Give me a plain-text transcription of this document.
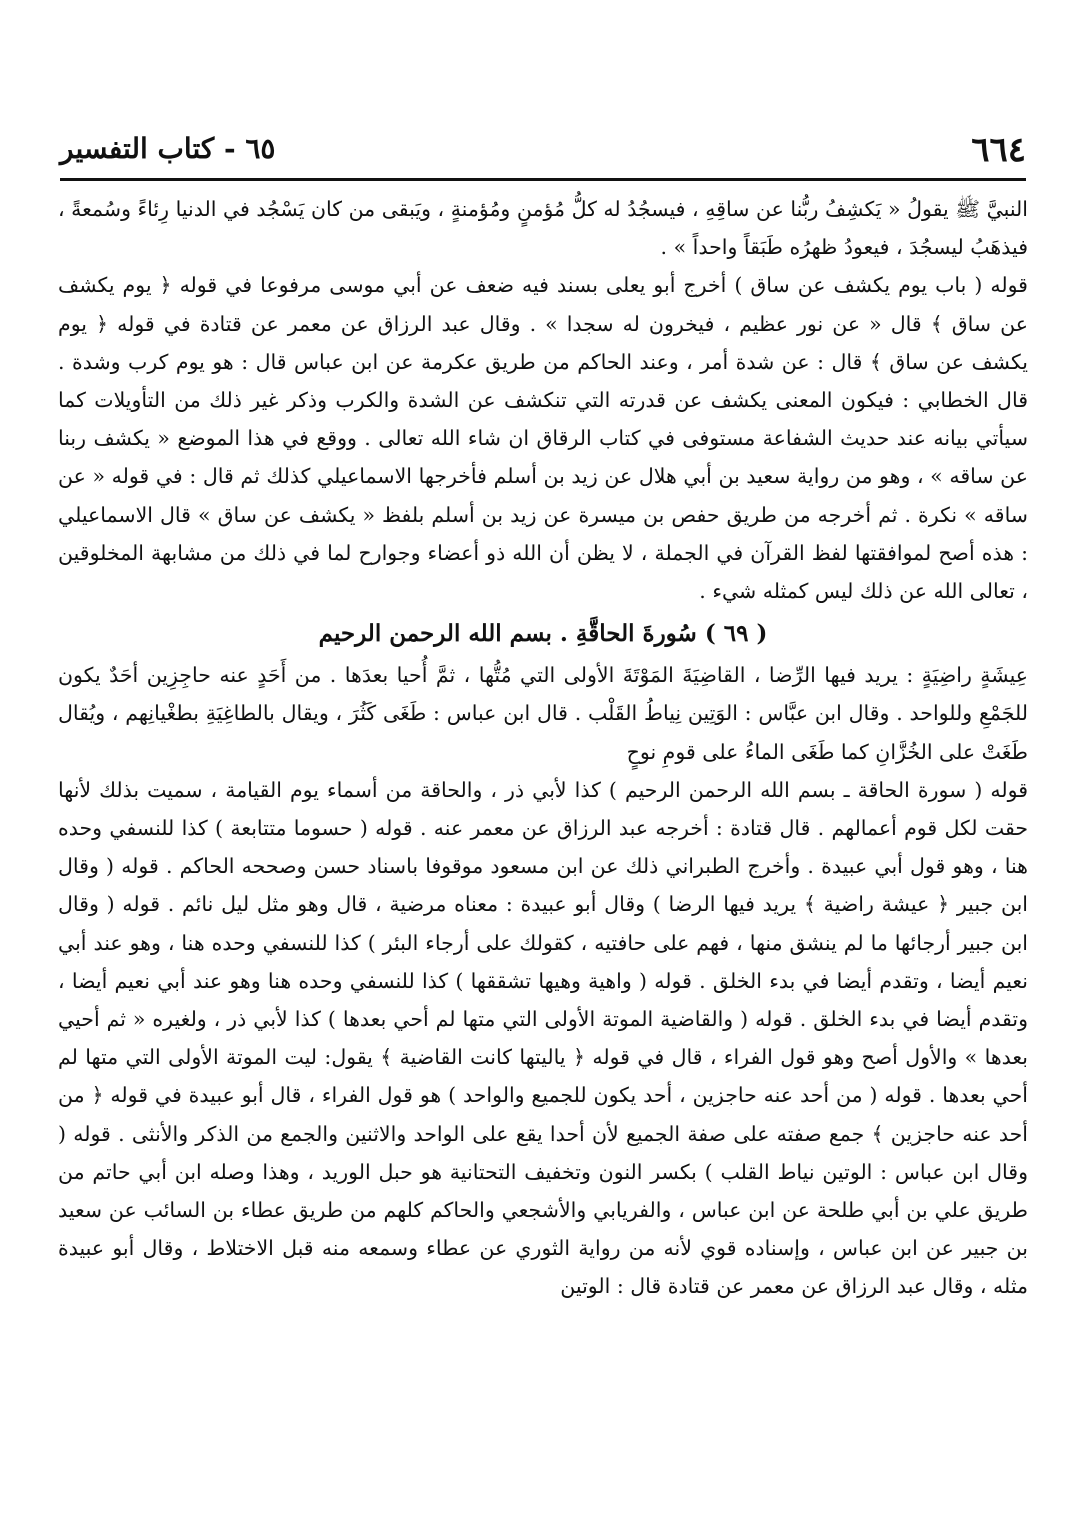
٦٦٤
٦٥ - كتاب التفسير

النبيَّ ﷺ يقولُ « يَكشِفُ ربُّنا عن ساقِهِ ، فيسجُدُ له كلُّ مُؤمنٍ ومُؤمنةٍ ، ويَبقى من كان يَسْجُد في الدنيا رِئاءً وسُمعةً ، فيذهَبُ ليسجُدَ ، فيعودُ ظهرُه طَبَقاً واحداً » .

قوله ( باب يوم يكشف عن ساق ) أخرج أبو يعلى بسند فيه ضعف عن أبي موسى مرفوعا في قوله ﴿ يوم يكشف عن ساق ﴾ قال « عن نور عظيم ، فيخرون له سجدا » . وقال عبد الرزاق عن معمر عن قتادة في قوله ﴿ يوم يكشف عن ساق ﴾ قال : عن شدة أمر ، وعند الحاكم من طريق عكرمة عن ابن عباس قال : هو يوم كرب وشدة . قال الخطابي : فيكون المعنى يكشف عن قدرته التي تنكشف عن الشدة والكرب وذكر غير ذلك من التأويلات كما سيأتي بيانه عند حديث الشفاعة مستوفى في كتاب الرقاق ان شاء الله تعالى . ووقع في هذا الموضع « يكشف ربنا عن ساقه » ، وهو من رواية سعيد بن أبي هلال عن زيد بن أسلم فأخرجها الاسماعيلي كذلك ثم قال : في قوله « عن ساقه » نكرة . ثم أخرجه من طريق حفص بن ميسرة عن زيد بن أسلم بلفظ « يكشف عن ساق » قال الاسماعيلي : هذه أصح لموافقتها لفظ القرآن في الجملة ، لا يظن أن الله ذو أعضاء وجوارح لما في ذلك من مشابهة المخلوقين ، تعالى الله عن ذلك ليس كمثله شيء .

( ٦٩ ) سُورةَ الحاقَّةِ . بسم الله الرحمن الرحيم

عِيشَةٍ راضِيَةٍ : يريد فيها الرِّضا ، القاضِيَةَ المَوْتَةَ الأولى التي مُتُّها ، ثمَّ أُحيا بعدَها . من أَحَدٍ عنه حاجِزِين أحَدٌ يكون للجَمْعِ وللواحد . وقال ابن عبَّاس : الوَتِين نِياطُ القَلْب . قال ابن عباس : طَغَى كَثُرَ ، ويقال بالطاغِيَةِ بطغْيانِهم ، ويُقال طَغَتْ على الخُزَّانِ كما طَغَى الماءُ على قومِ نوحٍ

قوله ( سورة الحاقة ـ بسم الله الرحمن الرحيم ) كذا لأبي ذر ، والحاقة من أسماء يوم القيامة ، سميت بذلك لأنها حقت لكل قوم أعمالهم . قال قتادة : أخرجه عبد الرزاق عن معمر عنه . قوله ( حسوما متتابعة ) كذا للنسفي وحده هنا ، وهو قول أبي عبيدة . وأخرج الطبراني ذلك عن ابن مسعود موقوفا باسناد حسن وصححه الحاكم . قوله ( وقال ابن جبير ﴿ عيشة راضية ﴾ يريد فيها الرضا ) وقال أبو عبيدة : معناه مرضية ، قال وهو مثل ليل نائم . قوله ( وقال ابن جبير أرجائها ما لم ينشق منها ، فهم على حافتيه ، كقولك على أرجاء البئر ) كذا للنسفي وحده هنا ، وهو عند أبي نعيم أيضا ، وتقدم أيضا في بدء الخلق . قوله ( واهية وهيها تشققها ) كذا للنسفي وحده هنا وهو عند أبي نعيم أيضا ، وتقدم أيضا في بدء الخلق . قوله ( والقاضية الموتة الأولى التي متها لم أحي بعدها ) كذا لأبي ذر ، ولغيره « ثم أحيي بعدها » والأول أصح وهو قول الفراء ، قال في قوله ﴿ ياليتها كانت القاضية ﴾ يقول: ليت الموتة الأولى التي متها لم أحي بعدها . قوله ( من أحد عنه حاجزين ، أحد يكون للجميع والواحد ) هو قول الفراء ، قال أبو عبيدة في قوله ﴿ من أحد عنه حاجزين ﴾ جمع صفته على صفة الجميع لأن أحدا يقع على الواحد والاثنين والجمع من الذكر والأنثى . قوله ( وقال ابن عباس : الوتين نياط القلب ) بكسر النون وتخفيف التحتانية هو حبل الوريد ، وهذا وصله ابن أبي حاتم من طريق علي بن أبي طلحة عن ابن عباس ، والفريابي والأشجعي والحاكم كلهم من طريق عطاء بن السائب عن سعيد بن جبير عن ابن عباس ، وإسناده قوي لأنه من رواية الثوري عن عطاء وسمعه منه قبل الاختلاط ، وقال أبو عبيدة مثله ، وقال عبد الرزاق عن معمر عن قتادة قال : الوتين
